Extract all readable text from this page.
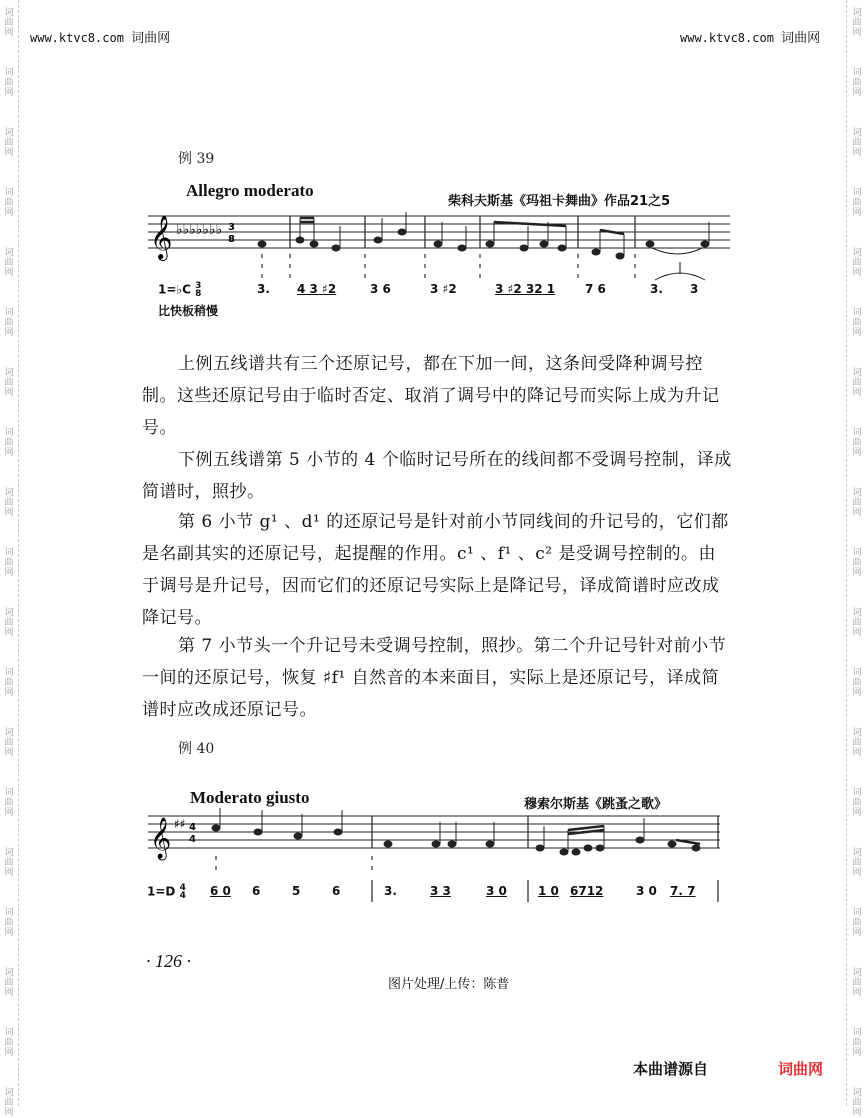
词
曲
网
词
曲
网
词
曲
网
词
曲
网
词
曲
网
词
曲
网
词
曲
网
词
曲
网
词
曲
网
词
曲
网
词
曲
网
词
曲
网
词
曲
网
词
曲
网
词
曲
网
词
曲
网
词
曲
网
词
曲
网
词
曲
网
词
曲
网
词
曲
网
词
曲
网
词
曲
网
词
曲
网
词
曲
网
词
曲
网
词
曲
网
词
曲
网
词
曲
网
词
曲
网
词
曲
网
词
曲
网
词
曲
网
词
曲
网
词
曲
网
词
曲
网
词
曲
网
词
曲
网
www.ktvc8.com 词曲网	www.ktvc8.com 词曲网
例 39
Allegro moderato
柴科夫斯基《玛祖卡舞曲》作品21之5
𝄞 ♭♭♭♭♭♭♭ 3
8
1=♭C 3
8	3. 4 3 ♯2	3 6	3 ♯2	3 ♯2 32 1 7 6	3. 3
比快板稍慢
上例五线谱共有三个还原记号，都在下加一间，这条间受降种调号控制。这些还原记号由于临时否定、取消了调号中的降记号而实际上成为升记号。
下例五线谱第 5 小节的 4 个临时记号所在的线间都不受调号控制，译成简谱时，照抄。
第 6 小节 g¹ 、d¹ 的还原记号是针对前小节同线间的升记号的，它们都是名副其实的还原记号，起提醒的作用。c¹ 、f¹ 、c² 是受调号控制的。由于调号是升记号，因而它们的还原记号实际上是降记号，译成简谱时应改成降记号。
第 7 小节头一个升记号未受调号控制，照抄。第二个升记号针对前小节一间的还原记号，恢复 ♯f¹ 自然音的本来面目，实际上是还原记号，译成简谱时应改成还原记号。
例 40
Moderato giusto	穆索尔斯基《跳蚤之歌》
𝄞 ♯♯ 4
4
1=D 4
4 6 0 6	5	6	3.	3 3	3 0	1 0 6712	3 0 7. 7
· 126 ·
图片处理/上传：陈普
本曲谱源自	词曲网
